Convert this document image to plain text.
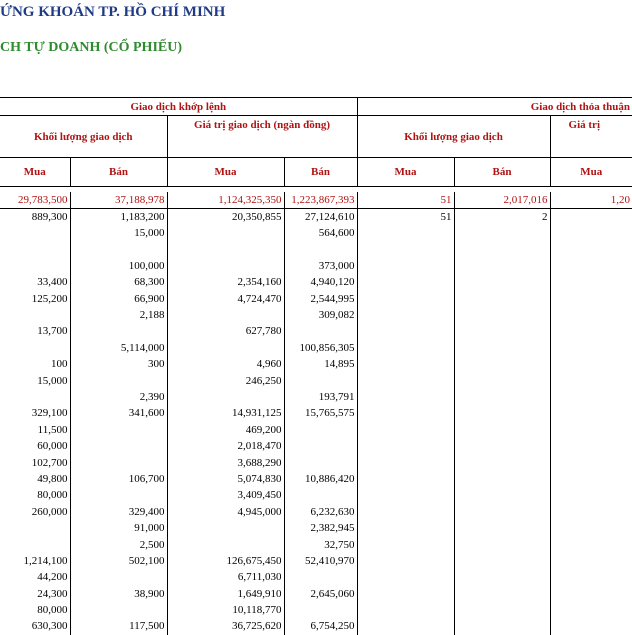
ỨNG KHOÁN TP. HỒ CHÍ MINH
CH TỰ DOANH (CỔ PHIẾU)
Giao dịch khớp lệnh				Giao dịch thỏa thuận		
Khối lượng giao dịch		Giá trị giao dịch (ngàn đồng)		Khối lượng giao dịch		Giá trị
Mua	Bán	Mua	Bán	Mua	Bán	Mua

29,783,500	37,188,978	1,124,325,350	1,223,867,393	51	2,017,016	1,20
889,300	1,183,200	20,350,855	27,124,610	51	2	
	15,000		564,600			

	100,000		373,000			
33,400	68,300	2,354,160	4,940,120			
125,200	66,900	4,724,470	2,544,995			
	2,188		309,082			
13,700		627,780				
	5,114,000		100,856,305			
100	300	4,960	14,895			
15,000		246,250				
	2,390		193,791			
329,100	341,600	14,931,125	15,765,575			
11,500		469,200				
60,000		2,018,470				
102,700		3,688,290				
49,800	106,700	5,074,830	10,886,420			
80,000		3,409,450				
260,000	329,400	4,945,000	6,232,630			
	91,000		2,382,945			
	2,500		32,750			
1,214,100	502,100	126,675,450	52,410,970			
44,200		6,711,030				
24,300	38,900	1,649,910	2,645,060			
80,000		10,118,770				
630,300	117,500	36,725,620	6,754,250			
